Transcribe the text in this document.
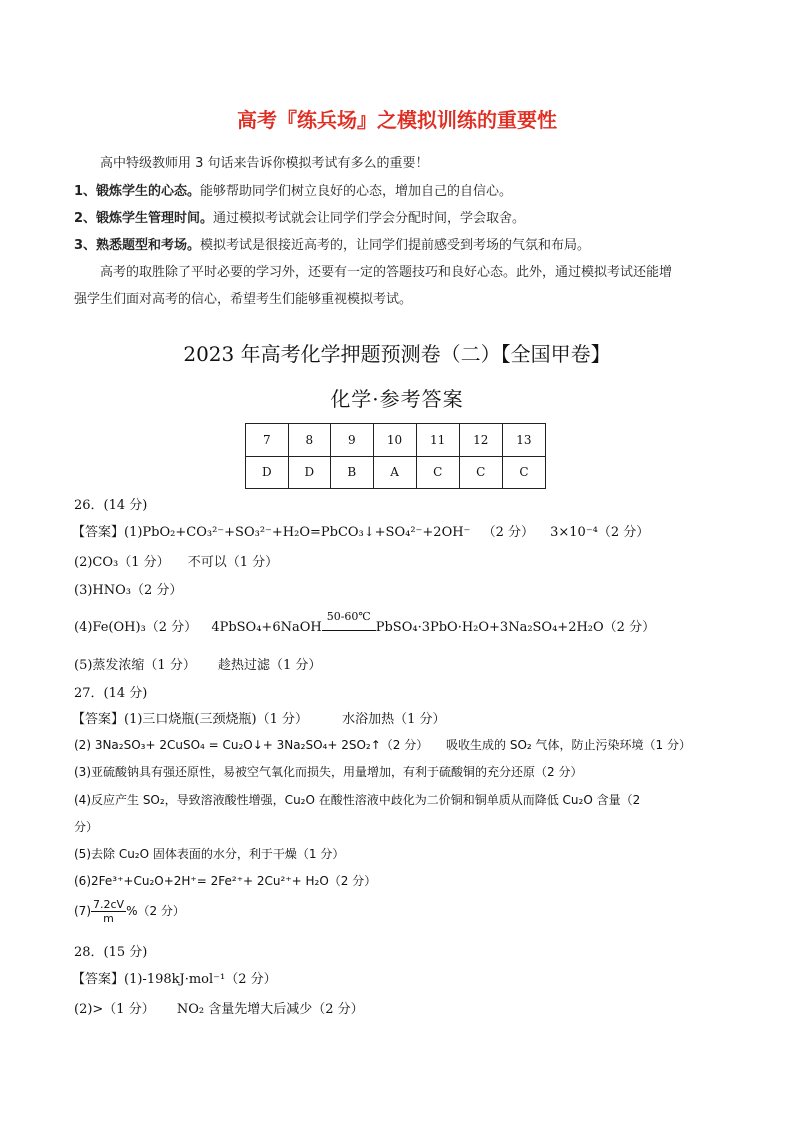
高考『练兵场』之模拟训练的重要性
高中特级教师用 3 句话来告诉你模拟考试有多么的重要！
1、锻炼学生的心态。能够帮助同学们树立良好的心态，增加自己的自信心。
2、锻炼学生管理时间。通过模拟考试就会让同学们学会分配时间，学会取舍。
3、熟悉题型和考场。模拟考试是很接近高考的，让同学们提前感受到考场的气氛和布局。
高考的取胜除了平时必要的学习外，还要有一定的答题技巧和良好心态。此外，通过模拟考试还能增
强学生们面对高考的信心，希望考生们能够重视模拟考试。
2023 年高考化学押题预测卷（二）【全国甲卷】
化学·参考答案
7	8	9	10	11	12	13
D	D	B	A	C	C	C
26．(14 分)
【答案】(1)PbO₂+CO₃²⁻+SO₃²⁻+H₂O=PbCO₃↓+SO₄²⁻+2OH⁻ （2 分） 3×10⁻⁴（2 分）
(2)CO₃（1 分） 不可以（1 分）
(3)HNO₃（2 分）
(4)Fe(OH)₃（2 分） 4PbSO₄+6NaOH
50-60℃
PbSO₄·3PbO·H₂O+3Na₂SO₄+2H₂O（2 分）
(5)蒸发浓缩（1 分） 趁热过滤（1 分）
27．(14 分)
【答案】(1)三口烧瓶(三颈烧瓶)（1 分）	水浴加热（1 分）
(2) 3Na₂SO₃+ 2CuSO₄ = Cu₂O↓+ 3Na₂SO₄+ 2SO₂↑（2 分） 吸收生成的 SO₂ 气体，防止污染环境（1 分）
(3)亚硫酸钠具有强还原性，易被空气氧化而损失，用量增加，有利于硫酸铜的充分还原（2 分）
(4)反应产生 SO₂，导致溶液酸性增强，Cu₂O 在酸性溶液中歧化为二价铜和铜单质从而降低 Cu₂O 含量（2
分）
(5)去除 Cu₂O 固体表面的水分，利于干燥（1 分）
(6)2Fe³⁺+Cu₂O+2H⁺= 2Fe²⁺+ 2Cu²⁺+ H₂O（2 分）
$(7) \frac{7.2cV}{m} \%(2$ 分）
28．(15 分)
【答案】(1)-198kJ·mol⁻¹（2 分）
(2)>（1 分） NO₂ 含量先增大后减少（2 分）
